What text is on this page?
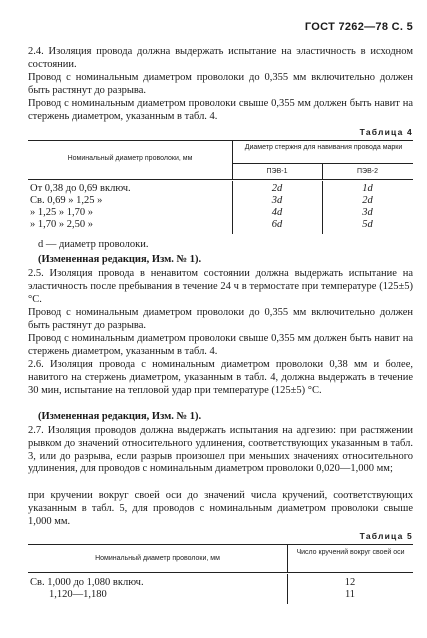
ГОСТ 7262—78 С. 5

2.4. Изоляция провода должна выдержать испытание на эластичность в исходном состоянии.

Провод с номинальным диаметром проволоки до 0,355 мм включительно должен быть растянут до разрыва.

Провод с номинальным диаметром проволоки свыше 0,355 мм должен быть навит на стержень диаметром, указанным в табл. 4.

Таблица 4
Номинальный диаметр проволоки, мм
Диаметр стержня для навивания провода марки
ПЭВ-1	ПЭВ-2
От 0,38 до 0,69 включ.	2d	1d
Св. 0,69 » 1,25 »	3d	2d
» 1,25 » 1,70 »	4d	3d
» 1,70 » 2,50 »	6d	5d
d — диаметр проволоки.

(Измененная редакция, Изм. № 1).

2.5. Изоляция провода в ненавитом состоянии должна выдержать испытание на эластичность после пребывания в течение 24 ч в термостате при температуре (125±5) °С.

Провод с номинальным диаметром проволоки до 0,355 мм включительно должен быть растянут до разрыва.

Провод с номинальным диаметром проволоки свыше 0,355 мм должен быть навит на стержень диаметром, указанным в табл. 4.

2.6. Изоляция провода с номинальным диаметром проволоки 0,38 мм и более, навитого на стержень диаметром, указанным в табл. 4, должна выдержать в течение 30 мин, испытание на тепловой удар при температуре (125±5) °С.

(Измененная редакция, Изм. № 1).

2.7. Изоляция проводов должна выдержать испытания на адгезию: при растяжении рывком до значений относительного удлинения, соответствующих указанным в табл. 3, или до разрыва, если разрыв произошел при меньших значениях относительного удлинения, для проводов с номинальным диаметром проволоки 0,020—1,000 мм;

при кручении вокруг своей оси до значений числа кручений, соответствующих указанным в табл. 5, для проводов с номинальным диаметром проволоки свыше 1,000 мм.

Таблица 5
Номинальный диаметр проволоки, мм
Число кручений вокруг своей оси
Св. 1,000 до 1,080 включ.	12
1,120—1,180	11
